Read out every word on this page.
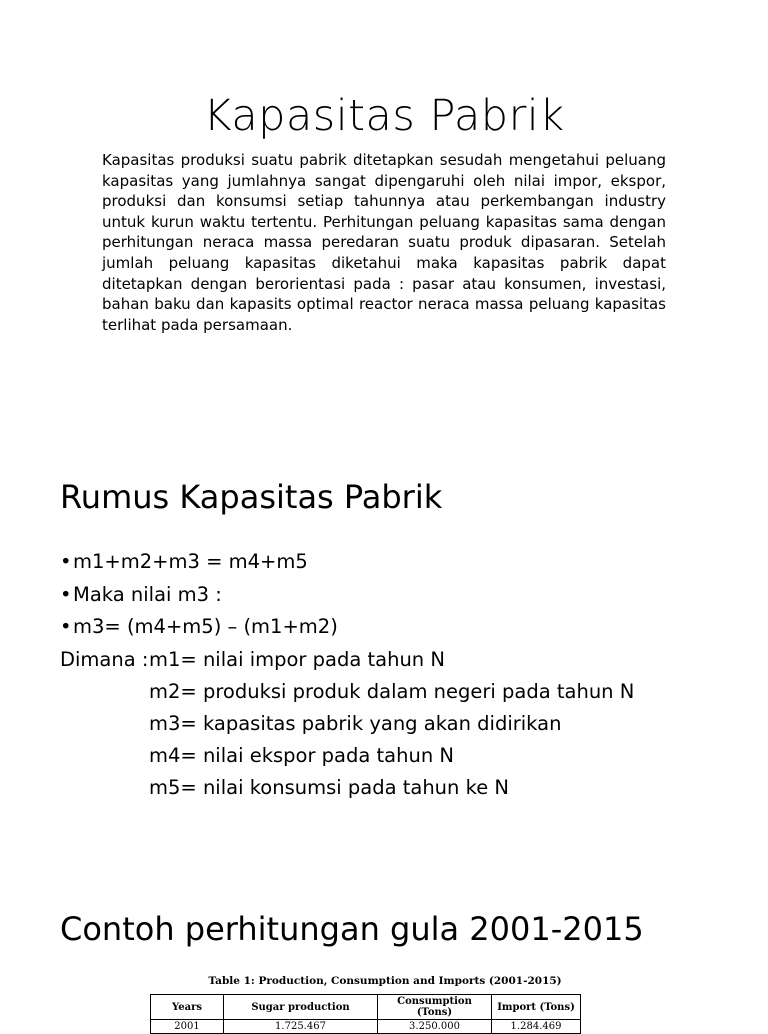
Kapasitas Pabrik

Kapasitas produksi suatu pabrik ditetapkan sesudah mengetahui peluang kapasitas yang jumlahnya sangat dipengaruhi oleh nilai impor, ekspor, produksi dan konsumsi setiap tahunnya atau perkembangan industry untuk kurun waktu tertentu. Perhitungan peluang kapasitas sama dengan perhitungan neraca massa peredaran suatu produk dipasaran. Setelah jumlah peluang kapasitas diketahui maka kapasitas pabrik dapat ditetapkan dengan berorientasi pada : pasar atau konsumen, investasi, bahan baku dan kapasits optimal reactor neraca massa peluang kapasitas terlihat pada persamaan.

Rumus Kapasitas Pabrik
• m1+m2+m3 = m4+m5
• Maka nilai m3 :
• m3= (m4+m5) – (m1+m2)
Dimana :m1= nilai impor pada tahun N
m2= produksi produk dalam negeri pada tahun N
m3= kapasitas pabrik yang akan didirikan
m4= nilai ekspor pada tahun N
m5= nilai konsumsi pada tahun ke N
Contoh perhitungan gula 2001-2015

Table 1: Production, Consumption and Imports (2001-2015)

Years	Sugar production	Consumption (Tons)	Import (Tons)
2001	1.725.467	3.250.000	1.284.469
